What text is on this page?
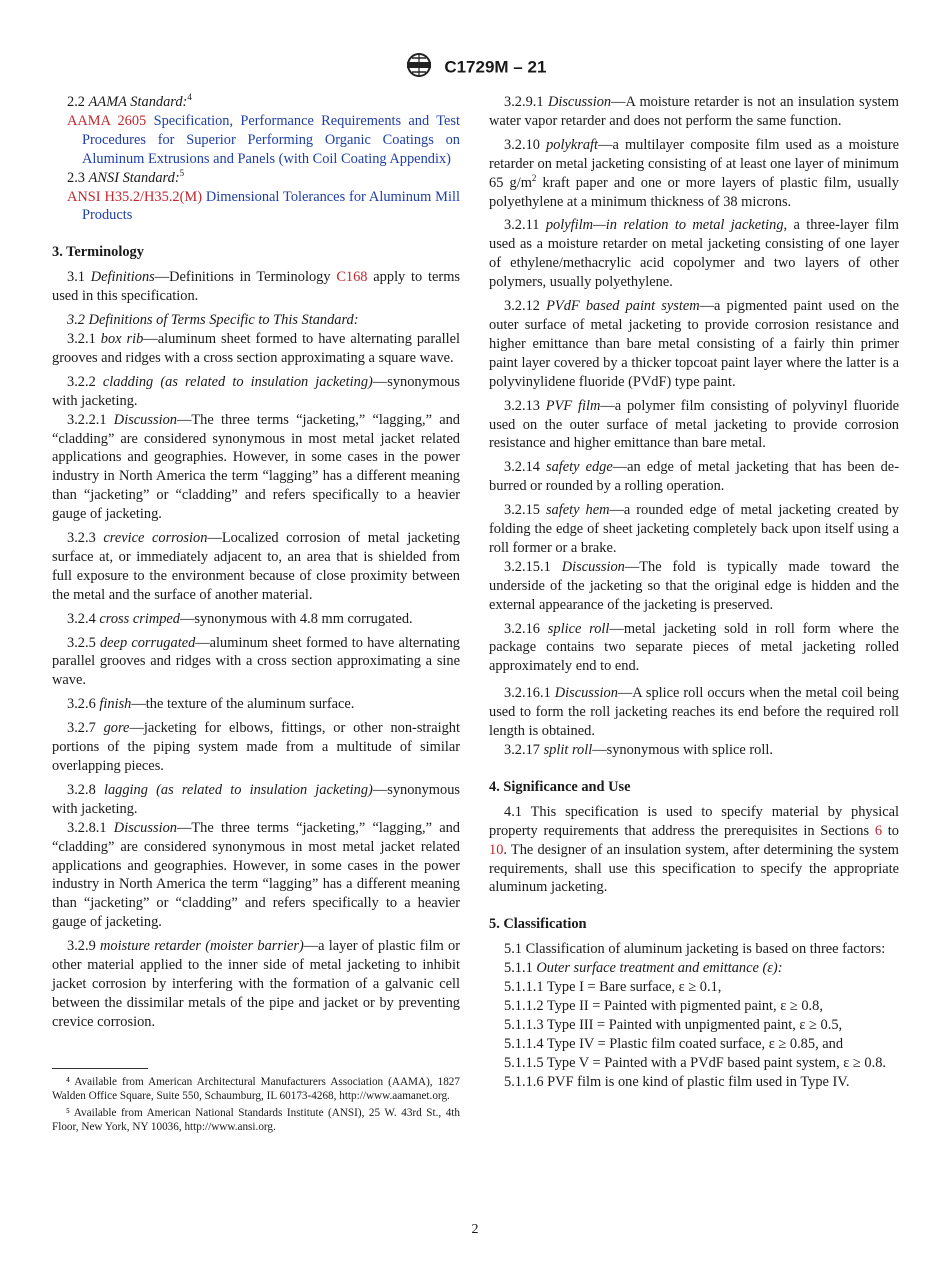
C1729M – 21

2.2 AAMA Standard:$^4$

AAMA 2605 Specification, Performance Requirements and Test Procedures for Superior Performing Organic Coatings on Aluminum Extrusions and Panels (with Coil Coating Appendix)

2.3 ANSI Standard:$^5$

ANSI H35.2/H35.2(M) Dimensional Tolerances for Aluminum Mill Products

3. Terminology

3.1 Definitions—Definitions in Terminology C168 apply to terms used in this specification.

3.2 Definitions of Terms Specific to This Standard:

3.2.1 box rib—aluminum sheet formed to have alternating parallel grooves and ridges with a cross section approximating a square wave.

3.2.2 cladding (as related to insulation jacketing)—synonymous with jacketing.

3.2.2.1 Discussion—The three terms “jacketing,” “lagging,” and “cladding” are considered synonymous in most metal jacket related applications and geographies. However, in some cases in the power industry in North America the term “lagging” has a different meaning than “jacketing” or “cladding” and refers specifically to a heavier gauge of jacketing.

3.2.3 crevice corrosion—Localized corrosion of metal jacketing surface at, or immediately adjacent to, an area that is shielded from full exposure to the environment because of close proximity between the metal and the surface of another material.

3.2.4 cross crimped—synonymous with 4.8 mm corrugated.

3.2.5 deep corrugated—aluminum sheet formed to have alternating parallel grooves and ridges with a cross section approximating a sine wave.

3.2.6 finish—the texture of the aluminum surface.

3.2.7 gore—jacketing for elbows, fittings, or other non-straight portions of the piping system made from a multitude of similar overlapping pieces.

3.2.8 lagging (as related to insulation jacketing)—synonymous with jacketing.

3.2.8.1 Discussion—The three terms “jacketing,” “lagging,” and “cladding” are considered synonymous in most metal jacket related applications and geographies. However, in some cases in the power industry in North America the term “lagging” has a different meaning than “jacketing” or “cladding” and refers specifically to a heavier gauge of jacketing.

3.2.9 moisture retarder (moister barrier)—a layer of plastic film or other material applied to the inner side of metal jacketing to inhibit jacket corrosion by interfering with the formation of a galvanic cell between the dissimilar metals of the pipe and jacket or by preventing crevice corrosion.

⁴ Available from American Architectural Manufacturers Association (AAMA), 1827 Walden Office Square, Suite 550, Schaumburg, IL 60173-4268, http://www.aamanet.org.

⁵ Available from American National Standards Institute (ANSI), 25 W. 43rd St., 4th Floor, New York, NY 10036, http://www.ansi.org.

3.2.9.1 Discussion—A moisture retarder is not an insulation system water vapor retarder and does not perform the same function.

3.2.10 polykraft—a multilayer composite film used as a moisture retarder on metal jacketing consisting of at least one layer of minimum 65 $g/m^2$ kraft paper and one or more layers of plastic film, usually polyethylene at a minimum thickness of 38 microns.

3.2.11 polyfilm—in relation to metal jacketing, a three-layer film used as a moisture retarder on metal jacketing consisting of one layer of ethylene/methacrylic acid copolymer and two layers of other polymers, usually polyethylene.

3.2.12 PVdF based paint system—a pigmented paint used on the outer surface of metal jacketing to provide corrosion resistance and higher emittance than bare metal consisting of a fairly thin primer paint layer covered by a thicker topcoat paint layer where the latter is a polyvinylidene fluoride (PVdF) type paint.

3.2.13 PVF film—a polymer film consisting of polyvinyl fluoride used on the outer surface of metal jacketing to provide corrosion resistance and higher emittance than bare metal.

3.2.14 safety edge—an edge of metal jacketing that has been de-burred or rounded by a rolling operation.

3.2.15 safety hem—a rounded edge of metal jacketing created by folding the edge of sheet jacketing completely back upon itself using a roll former or a brake.

3.2.15.1 Discussion—The fold is typically made toward the underside of the jacketing so that the original edge is hidden and the external appearance of the jacketing is preserved.

3.2.16 splice roll—metal jacketing sold in roll form where the package contains two separate pieces of metal jacketing rolled approximately end to end.

3.2.16.1 Discussion—A splice roll occurs when the metal coil being used to form the roll jacketing reaches its end before the required roll length is obtained.

3.2.17 split roll—synonymous with splice roll.

4. Significance and Use

4.1 This specification is used to specify material by physical property requirements that address the prerequisites in Sections 6 to 10. The designer of an insulation system, after determining the system requirements, shall use this specification to specify the appropriate aluminum jacketing.

5. Classification

5.1 Classification of aluminum jacketing is based on three factors:

5.1.1 Outer surface treatment and emittance (ε):

5.1.1.1 Type I = Bare surface, ε ≥ 0.1,

5.1.1.2 Type II = Painted with pigmented paint, ε ≥ 0.8,

5.1.1.3 Type III = Painted with unpigmented paint, ε ≥ 0.5,

5.1.1.4 Type IV = Plastic film coated surface, ε ≥ 0.85, and

5.1.1.5 Type V = Painted with a PVdF based paint system, ε ≥ 0.8.

5.1.1.6 PVF film is one kind of plastic film used in Type IV.

2
